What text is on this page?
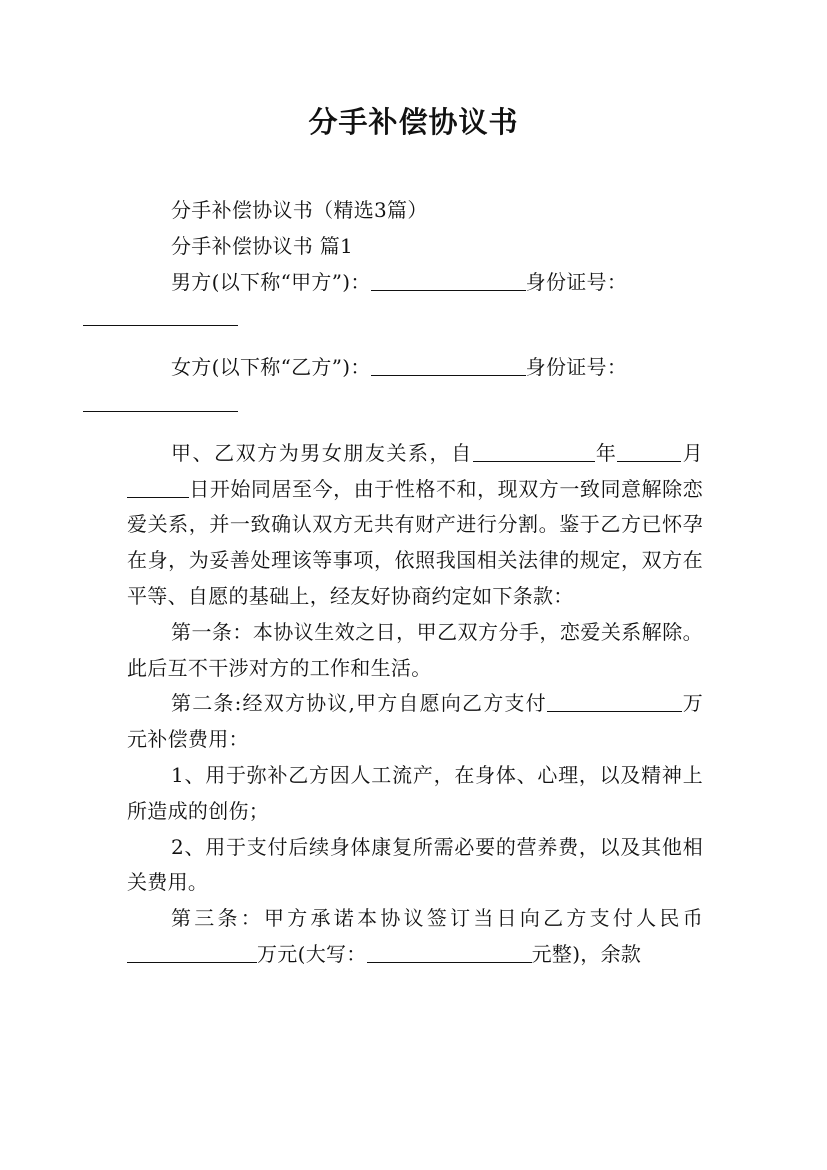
分手补偿协议书

分手补偿协议书（精选3篇）

分手补偿协议书 篇1

男方(以下称“甲方”)：	身份证号：

女方(以下称“乙方”)：	身份证号：

甲、乙双方为男女朋友关系，自	年	月日开始同居至今，由于性格不和，现双方一致同意解除恋爱关系，并一致确认双方无共有财产进行分割。鉴于乙方已怀孕在身，为妥善处理该等事项，依照我国相关法律的规定，双方在平等、自愿的基础上，经友好协商约定如下条款：

第一条：本协议生效之日，甲乙双方分手，恋爱关系解除。此后互不干涉对方的工作和生活。

第二条:经双方协议,甲方自愿向乙方支付	万元补偿费用：

1、用于弥补乙方因人工流产，在身体、心理，以及精神上所造成的创伤；

2、用于支付后续身体康复所需必要的营养费，以及其他相关费用。

第三条：甲方承诺本协议签订当日向乙方支付人民币万元(大写：	元整)，余款
